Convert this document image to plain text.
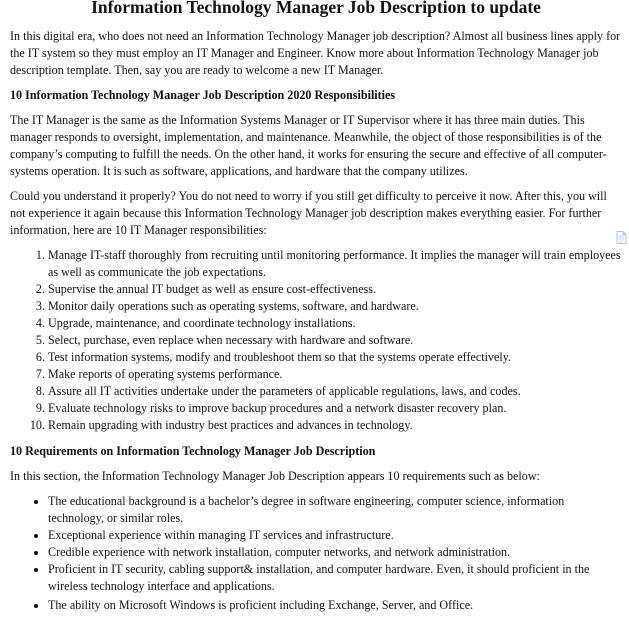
Information Technology Manager Job Description to update

In this digital era, who does not need an Information Technology Manager job description? Almost all business lines apply for the IT system so they must employ an IT Manager and Engineer. Know more about Information Technology Manager job description template. Then, say you are ready to welcome a new IT Manager.

10 Information Technology Manager Job Description 2020 Responsibilities

The IT Manager is the same as the Information Systems Manager or IT Supervisor where it has three main duties. This manager responds to oversight, implementation, and maintenance. Meanwhile, the object of those responsibilities is of the company’s computing to fulfill the needs. On the other hand, it works for ensuring the secure and effective of all computer-systems operation. It is such as software, applications, and hardware that the company utilizes.

Could you understand it properly? You do not need to worry if you still get difficulty to perceive it now. After this, you will not experience it again because this Information Technology Manager job description makes everything easier. For further information, here are 10 IT Manager responsibilities:

1. Manage IT-staff thoroughly from recruiting until monitoring performance. It implies the manager will train employees as well as communicate the job expectations.
2. Supervise the annual IT budget as well as ensure cost-effectiveness.
3. Monitor daily operations such as operating systems, software, and hardware.
4. Upgrade, maintenance, and coordinate technology installations.
5. Select, purchase, even replace when necessary with hardware and software.
6. Test information systems, modify and troubleshoot them so that the systems operate effectively.
7. Make reports of operating systems performance.
8. Assure all IT activities undertake under the parameters of applicable regulations, laws, and codes.
9. Evaluate technology risks to improve backup procedures and a network disaster recovery plan.
10. Remain upgrading with industry best practices and advances in technology.
10 Requirements on Information Technology Manager Job Description

In this section, the Information Technology Manager Job Description appears 10 requirements such as below:

• The educational background is a bachelor’s degree in software engineering, computer science, information technology, or similar roles.
• Exceptional experience within managing IT services and infrastructure.
• Credible experience with network installation, computer networks, and network administration.
• Proficient in IT security, cabling support& installation, and computer hardware. Even, it should proficient in the wireless technology interface and applications.
• The ability on Microsoft Windows is proficient including Exchange, Server, and Office.
